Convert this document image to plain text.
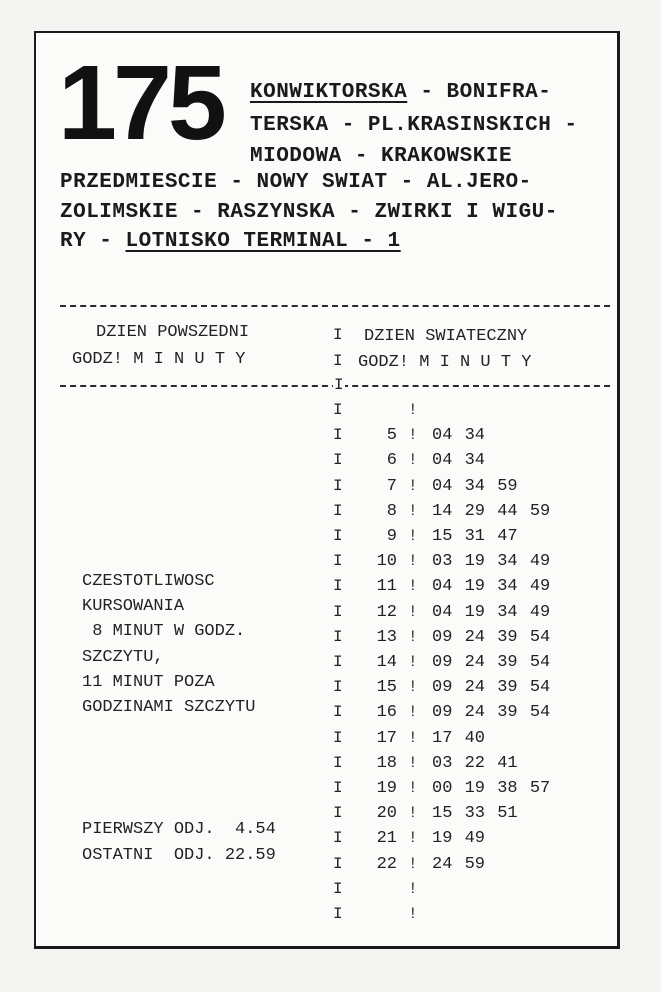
175 KONWIKTORSKA - BONIFRA-
TERSKA - PL.KRASINSKICH -
MIODOWA - KRAKOWSKIE
PRZEDMIESCIE - NOWY SWIAT - AL.JERO-
ZOLIMSKIE - RASZYNSKA - ZWIRKI I WIGU-
RY - LOTNISKO TERMINAL - 1
DZIEN POWSZEDNI
GODZ! M I N U T Y
I
I
DZIEN SWIATECZNY
GODZ! M I N U T Y
I
I	!
I	5 ! 04 34
I	6 ! 04 34
I	7 ! 04 34 59
I	8 ! 14 29 44 59
I	9 ! 15 31 47
I	10 ! 03 19 34 49
I	11 ! 04 19 34 49
I	12 ! 04 19 34 49
I	13 ! 09 24 39 54
I	14 ! 09 24 39 54
I	15 ! 09 24 39 54
I	16 ! 09 24 39 54
I	17 ! 17 40
I	18 ! 03 22 41
I	19 ! 00 19 38 57
I	20 ! 15 33 51
I	21 ! 19 49
I	22 ! 24 59
I	!
I	!
CZESTOTLIWOSC
KURSOWANIA
8 MINUT W GODZ.
SZCZYTU,
11 MINUT POZA
GODZINAMI SZCZYTU
PIERWSZY ODJ.  4.54
OSTATNI  ODJ. 22.59
